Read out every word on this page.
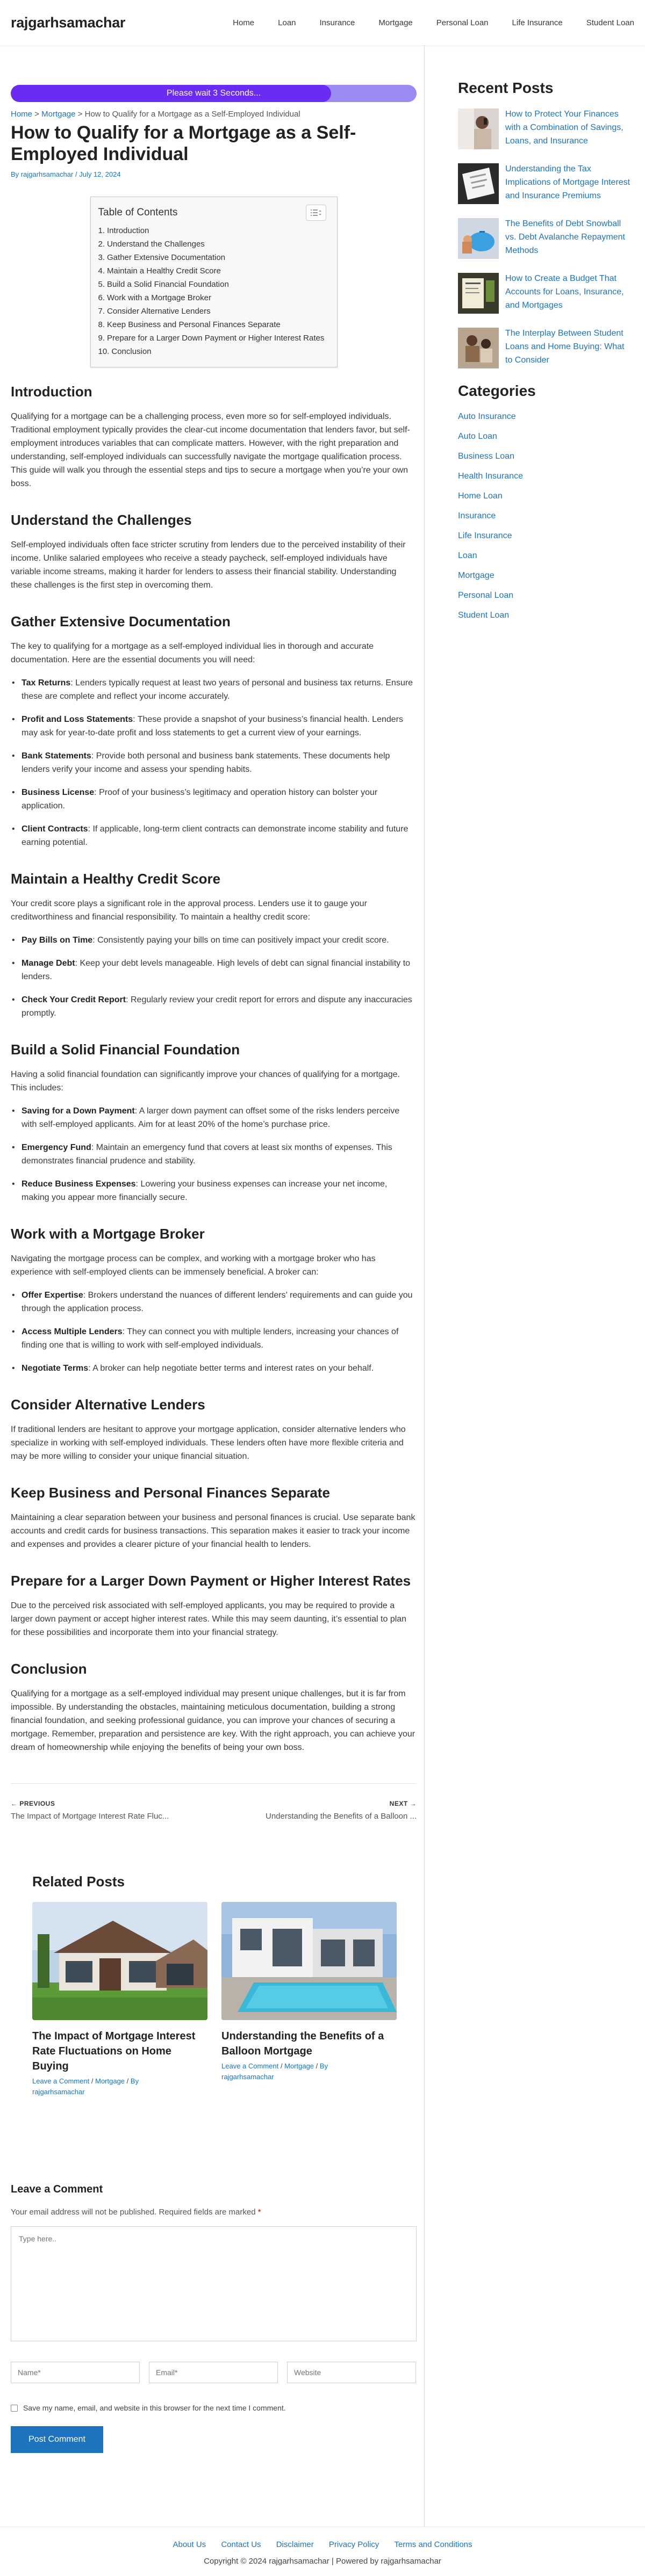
rajgarhsamachar	Home	Loan	Insurance	Mortgage	Personal Loan	Life Insurance	Student Loan
Please wait 3 Seconds...
Home > Mortgage > How to Qualify for a Mortgage as a Self-Employed Individual
How to Qualify for a Mortgage as a Self-Employed Individual
By rajgarhsamachar / July 12, 2024
Table of Contents
1. Introduction
2. Understand the Challenges
3. Gather Extensive Documentation
4. Maintain a Healthy Credit Score
5. Build a Solid Financial Foundation
6. Work with a Mortgage Broker
7. Consider Alternative Lenders
8. Keep Business and Personal Finances Separate
9. Prepare for a Larger Down Payment or Higher Interest Rates
10. Conclusion
Introduction

Qualifying for a mortgage can be a challenging process, even more so for self-employed individuals. Traditional employment typically provides the clear-cut income documentation that lenders favor, but self-employment introduces variables that can complicate matters. However, with the right preparation and understanding, self-employed individuals can successfully navigate the mortgage qualification process. This guide will walk you through the essential steps and tips to secure a mortgage when you’re your own boss.

Understand the Challenges

Self-employed individuals often face stricter scrutiny from lenders due to the perceived instability of their income. Unlike salaried employees who receive a steady paycheck, self-employed individuals have variable income streams, making it harder for lenders to assess their financial stability. Understanding these challenges is the first step in overcoming them.

Gather Extensive Documentation

The key to qualifying for a mortgage as a self-employed individual lies in thorough and accurate documentation. Here are the essential documents you will need:

• Tax Returns: Lenders typically request at least two years of personal and business tax returns. Ensure these are complete and reflect your income accurately.
• Profit and Loss Statements: These provide a snapshot of your business’s financial health. Lenders may ask for year-to-date profit and loss statements to get a current view of your earnings.
• Bank Statements: Provide both personal and business bank statements. These documents help lenders verify your income and assess your spending habits.
• Business License: Proof of your business’s legitimacy and operation history can bolster your application.
• Client Contracts: If applicable, long-term client contracts can demonstrate income stability and future earning potential.
Maintain a Healthy Credit Score

Your credit score plays a significant role in the approval process. Lenders use it to gauge your creditworthiness and financial responsibility. To maintain a healthy credit score:

• Pay Bills on Time: Consistently paying your bills on time can positively impact your credit score.
• Manage Debt: Keep your debt levels manageable. High levels of debt can signal financial instability to lenders.
• Check Your Credit Report: Regularly review your credit report for errors and dispute any inaccuracies promptly.
Build a Solid Financial Foundation

Having a solid financial foundation can significantly improve your chances of qualifying for a mortgage. This includes:

• Saving for a Down Payment: A larger down payment can offset some of the risks lenders perceive with self-employed applicants. Aim for at least 20% of the home’s purchase price.
• Emergency Fund: Maintain an emergency fund that covers at least six months of expenses. This demonstrates financial prudence and stability.
• Reduce Business Expenses: Lowering your business expenses can increase your net income, making you appear more financially secure.
Work with a Mortgage Broker

Navigating the mortgage process can be complex, and working with a mortgage broker who has experience with self-employed clients can be immensely beneficial. A broker can:

• Offer Expertise: Brokers understand the nuances of different lenders’ requirements and can guide you through the application process.
• Access Multiple Lenders: They can connect you with multiple lenders, increasing your chances of finding one that is willing to work with self-employed individuals.
• Negotiate Terms: A broker can help negotiate better terms and interest rates on your behalf.
Consider Alternative Lenders

If traditional lenders are hesitant to approve your mortgage application, consider alternative lenders who specialize in working with self-employed individuals. These lenders often have more flexible criteria and may be more willing to consider your unique financial situation.

Keep Business and Personal Finances Separate

Maintaining a clear separation between your business and personal finances is crucial. Use separate bank accounts and credit cards for business transactions. This separation makes it easier to track your income and expenses and provides a clearer picture of your financial health to lenders.

Prepare for a Larger Down Payment or Higher Interest Rates

Due to the perceived risk associated with self-employed applicants, you may be required to provide a larger down payment or accept higher interest rates. While this may seem daunting, it’s essential to plan for these possibilities and incorporate them into your financial strategy.

Conclusion

Qualifying for a mortgage as a self-employed individual may present unique challenges, but it is far from impossible. By understanding the obstacles, maintaining meticulous documentation, building a strong financial foundation, and seeking professional guidance, you can improve your chances of securing a mortgage. Remember, preparation and persistence are key. With the right approach, you can achieve your dream of homeownership while enjoying the benefits of being your own boss.

← PREVIOUS
The Impact of Mortgage Interest Rate Fluc...
NEXT →
Understanding the Benefits of a Balloon ...
Related Posts
The Impact of Mortgage Interest Rate Fluctuations on Home Buying
Leave a Comment / Mortgage / By
rajgarhsamachar
Understanding the Benefits of a Balloon Mortgage
Leave a Comment / Mortgage / By
rajgarhsamachar
Leave a Comment

Your email address will not be published. Required fields are marked *

Type here..
Name*
Email*
Website
Save my name, email, and website in this browser for the next time I comment.
Post Comment
Recent Posts
How to Protect Your Finances with a Combination of Savings, Loans, and Insurance
Understanding the Tax Implications of Mortgage Interest and Insurance Premiums
The Benefits of Debt Snowball vs. Debt Avalanche Repayment Methods
How to Create a Budget That Accounts for Loans, Insurance, and Mortgages
The Interplay Between Student Loans and Home Buying: What to Consider
Categories
Auto Insurance
Auto Loan
Business Loan
Health Insurance
Home Loan
Insurance
Life Insurance
Loan
Mortgage
Personal Loan
Student Loan
About Us Contact Us Disclaimer Privacy Policy Terms and Conditions
Copyright © 2024 rajgarhsamachar | Powered by rajgarhsamachar
